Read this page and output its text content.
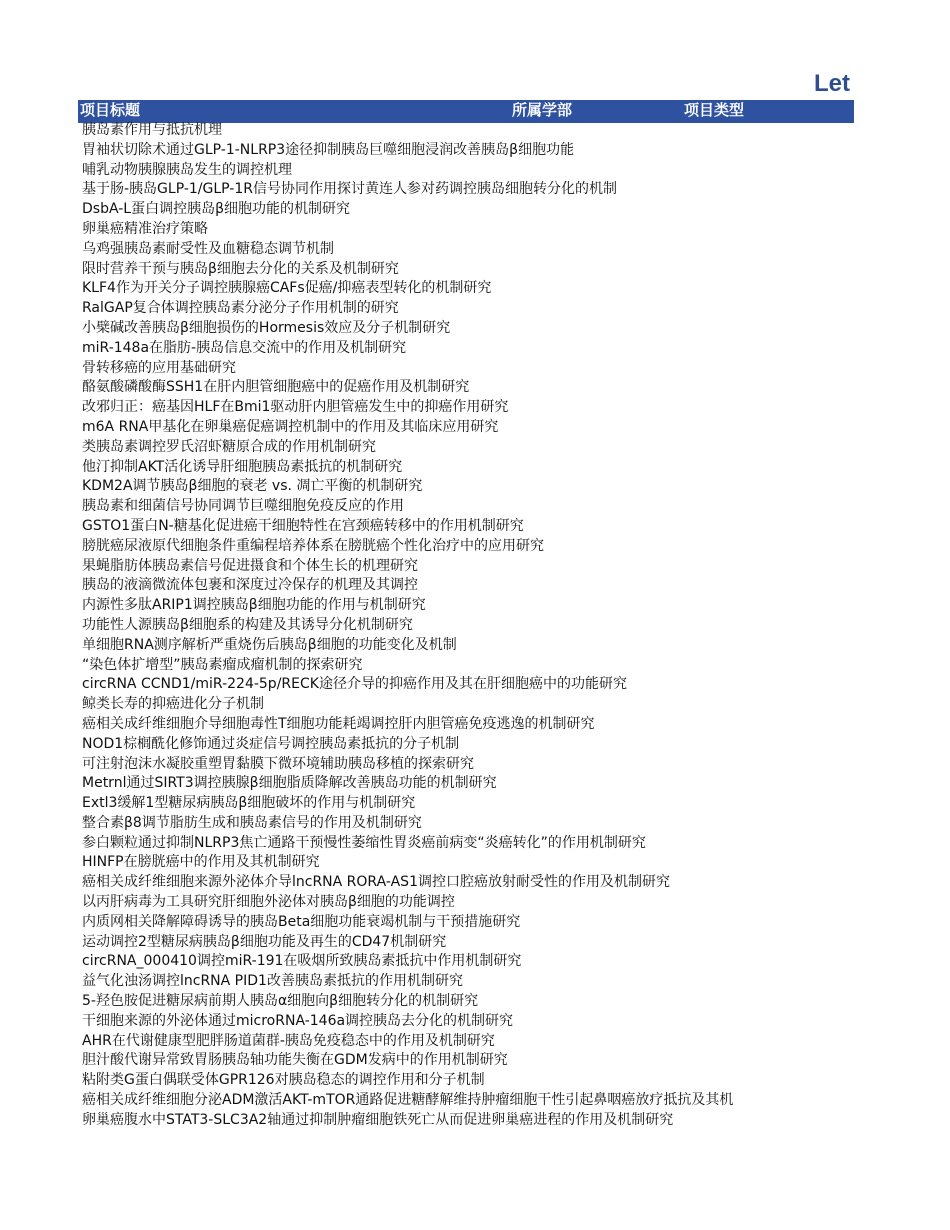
Let
项目标题	所属学部	项目类型
胰岛素作用与抵抗机理
胃袖状切除术通过GLP-1-NLRP3途径抑制胰岛巨噬细胞浸润改善胰岛β细胞功能
哺乳动物胰腺胰岛发生的调控机理
基于肠-胰岛GLP-1/GLP-1R信号协同作用探讨黄连人参对药调控胰岛细胞转分化的机制
DsbA-L蛋白调控胰岛β细胞功能的机制研究
卵巢癌精准治疗策略
乌鸡强胰岛素耐受性及血糖稳态调节机制
限时营养干预与胰岛β细胞去分化的关系及机制研究
KLF4作为开关分子调控胰腺癌CAFs促癌/抑癌表型转化的机制研究
RalGAP复合体调控胰岛素分泌分子作用机制的研究
小檗碱改善胰岛β细胞损伤的Hormesis效应及分子机制研究
miR-148a在脂肪-胰岛信息交流中的作用及机制研究
骨转移癌的应用基础研究
酪氨酸磷酸酶SSH1在肝内胆管细胞癌中的促癌作用及机制研究
改邪归正：癌基因HLF在Bmi1驱动肝内胆管癌发生中的抑癌作用研究
m6A RNA甲基化在卵巢癌促癌调控机制中的作用及其临床应用研究
类胰岛素调控罗氏沼虾糖原合成的作用机制研究
他汀抑制AKT活化诱导肝细胞胰岛素抵抗的机制研究
KDM2A调节胰岛β细胞的衰老 vs. 凋亡平衡的机制研究
胰岛素和细菌信号协同调节巨噬细胞免疫反应的作用
GSTO1蛋白N-糖基化促进癌干细胞特性在宫颈癌转移中的作用机制研究
膀胱癌尿液原代细胞条件重编程培养体系在膀胱癌个性化治疗中的应用研究
果蝇脂肪体胰岛素信号促进摄食和个体生长的机理研究
胰岛的液滴微流体包裹和深度过冷保存的机理及其调控
内源性多肽ARIP1调控胰岛β细胞功能的作用与机制研究
功能性人源胰岛β细胞系的构建及其诱导分化机制研究
单细胞RNA测序解析严重烧伤后胰岛β细胞的功能变化及机制
“染色体扩增型”胰岛素瘤成瘤机制的探索研究
circRNA CCND1/miR-224-5p/RECK途径介导的抑癌作用及其在肝细胞癌中的功能研究
鲸类长寿的抑癌进化分子机制
癌相关成纤维细胞介导细胞毒性T细胞功能耗竭调控肝内胆管癌免疫逃逸的机制研究
NOD1棕榈酰化修饰通过炎症信号调控胰岛素抵抗的分子机制
可注射泡沫水凝胶重塑胃黏膜下微环境辅助胰岛移植的探索研究
Metrnl通过SIRT3调控胰腺β细胞脂质降解改善胰岛功能的机制研究
Extl3缓解1型糖尿病胰岛β细胞破坏的作用与机制研究
整合素β8调节脂肪生成和胰岛素信号的作用及机制研究
参白颗粒通过抑制NLRP3焦亡通路干预慢性萎缩性胃炎癌前病变“炎癌转化”的作用机制研究
HINFP在膀胱癌中的作用及其机制研究
癌相关成纤维细胞来源外泌体介导lncRNA RORA-AS1调控口腔癌放射耐受性的作用及机制研究
以丙肝病毒为工具研究肝细胞外泌体对胰岛β细胞的功能调控
内质网相关降解障碍诱导的胰岛Beta细胞功能衰竭机制与干预措施研究
运动调控2型糖尿病胰岛β细胞功能及再生的CD47机制研究
circRNA_000410调控miR-191在吸烟所致胰岛素抵抗中作用机制研究
益气化浊汤调控lncRNA PID1改善胰岛素抵抗的作用机制研究
5-羟色胺促进糖尿病前期人胰岛α细胞向β细胞转分化的机制研究
干细胞来源的外泌体通过microRNA-146a调控胰岛去分化的机制研究
AHR在代谢健康型肥胖肠道菌群-胰岛免疫稳态中的作用及机制研究
胆汁酸代谢异常致胃肠胰岛轴功能失衡在GDM发病中的作用机制研究
粘附类G蛋白偶联受体GPR126对胰岛稳态的调控作用和分子机制
癌相关成纤维细胞分泌ADM激活AKT-mTOR通路促进糖酵解维持肿瘤细胞干性引起鼻咽癌放疗抵抗及其机
卵巢癌腹水中STAT3-SLC3A2轴通过抑制肿瘤细胞铁死亡从而促进卵巢癌进程的作用及机制研究
